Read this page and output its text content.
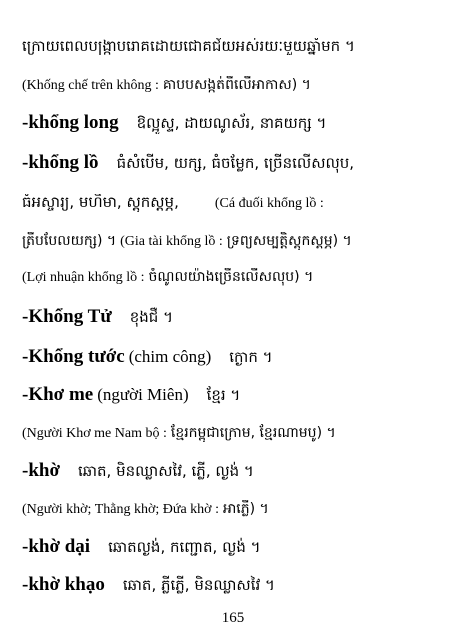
ក្រោយពេលបង្ក្រាបរោគដោយជោគជ័យអស់រយៈមួយឆ្នាំមក ។
(Khống chế trên không : គាបបសង្កត់ពីលើអាកាស) ។
-khổng long ឱល្អូស្ទ, ដាយណូស័រ, នាគយក្ស ។
-khổng lồ ធំសំបើម, យក្ស, ធំចម្លែក, ច្រើនលើសលុប,
ធំអស្ចារ្យ, មហិមា, ស្តុកស្តម្ភ,	(Cá đuối khổng lồ :
ត្រីបបែលយក្ស) ។ (Gia tài khổng lồ : ទ្រព្យសម្បត្តិស្តុកស្តម្ភ) ។
(Lợi nhuận khổng lồ : ចំណូលយ៉ាងច្រើនលើសលុប) ។
-Khổng Tử ខុងជឺ ។
-Khổng tước (chim công) ក្ងោក ។
-Khơ me (người Miên) ខ្មែរ ។
(Người Khơ me Nam bộ : ខ្មែរកម្ពុជាក្រោម, ខ្មែរណាមបូ) ។
-khờ ឆោត, មិនឈ្លាសវៃ, ភ្លើ, ល្ងង់ ។
(Người khờ; Thằng khờ; Đứa khờ : អាភ្លើ) ។
-khờ dại ឆោតល្ងង់, កញ្ជោត, ល្ងង់ ។
-khờ khạo ឆោត, ភ្លីភ្លើ, មិនឈ្លាសវៃ ។
165
